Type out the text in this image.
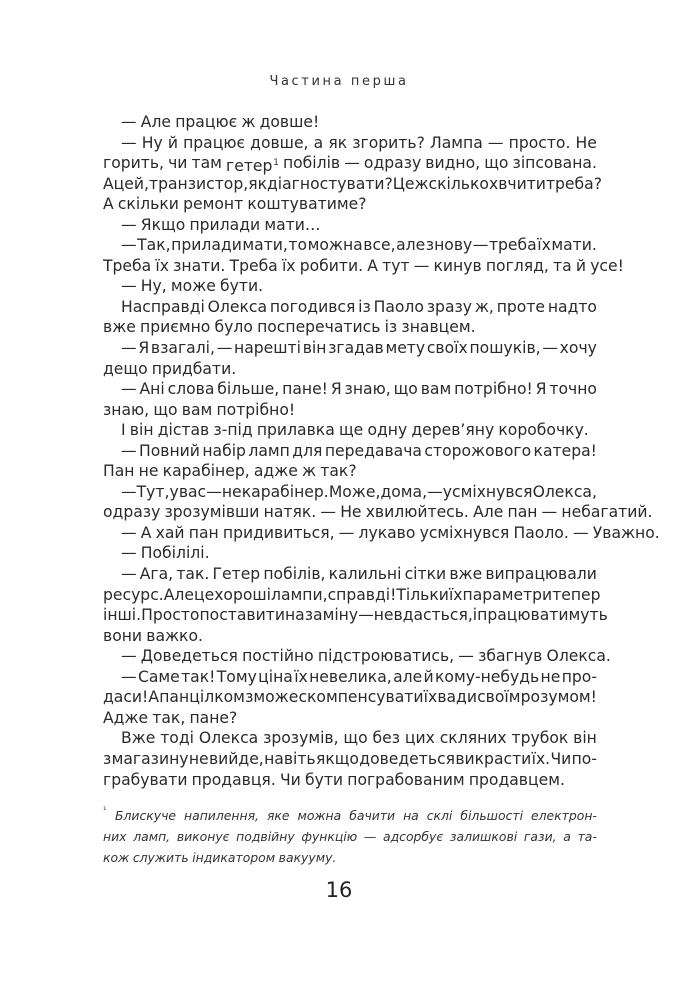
Частина перша
— Але працює ж довше!
— Ну й працює довше, а як згорить? Лампа — просто. Не
горить, чи там гетер$^1$ побілів — одразу видно, що зіпсована.
А цей, транзистор, як діагностувати? Це ж скількох вчити треба?
А скільки ремонт коштуватиме?
— Якщо прилади мати…
— Так, прилади мати, то можна все, але знову — треба їх мати.
Треба їх знати. Треба їх робити. А тут — кинув погляд, та й усе!
— Ну, може бути.
Насправді Олекса погодився із Паоло зразу ж, проте надто
вже приємно було посперечатись із знавцем.
— Я взагалі, — нарешті він згадав мету своїх пошуків, — хочу
дещо придбати.
— Ані слова більше, пане! Я знаю, що вам потрібно! Я точно
знаю, що вам потрібно!
І він дістав з-під прилавка ще одну дерев’яну коробочку.
— Повний набір ламп для передавача сторожового катера!
Пан не карабінер, адже ж так?
— Тут, у вас — не карабінер. Може, дома, — усміхнувся Олекса,
одразу зрозумівши натяк. — Не хвилюйтесь. Але пан — небагатий.
— А хай пан придивиться, — лукаво усміхнувся Паоло. — Уважно.
— Побілілі.
— Ага, так. Гетер побілів, калильні сітки вже випрацювали
ресурс. Але це хороші лампи, справді! Тільки їх параметри тепер
інші. Просто поставити на заміну — не вдасться, і працюватимуть
вони важко.
— Доведеться постійно підстроюватись, — збагнув Олекса.
— Саме так! Тому ціна їх невелика, але й кому-небудь не про-
даси! А пан цілком зможе скомпенсувати їх вади своїм розумом!
Адже так, пане?
Вже тоді Олекса зрозумів, що без цих скляних трубок він
з магазину не вийде, навіть якщо доведеться викрасти їх. Чи по-
грабувати продавця. Чи бути пограбованим продавцем.
¹ Блискуче напилення, яке можна бачити на склі більшості електрон-
них ламп, виконує подвійну функцію — адсорбує залишкові гази, а та-
кож служить індикатором вакууму.
16
